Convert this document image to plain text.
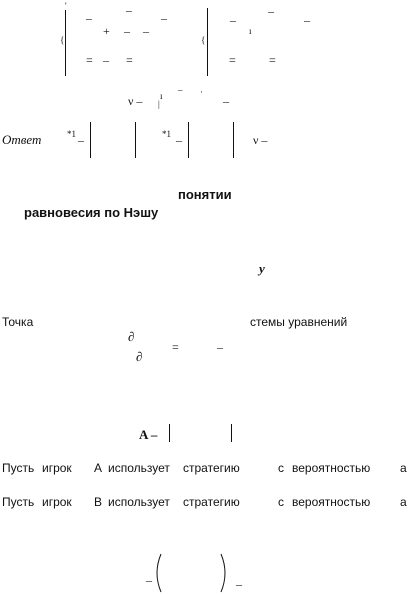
'
{
–
–
–
+ – –
= – =
{
–
–
–
ı
=	=
ν – ı
|
– ·
–
Ответ	*1 –	*1 –	ν –
понятии
равновесия по Нэшу
y
Точка	стемы уравнений
∂
∂
=	–
A –
Пусть игрок А использует стратегию	с вероятностью а
Пусть игрок В использует стратегию	с вероятностью а
–	–
